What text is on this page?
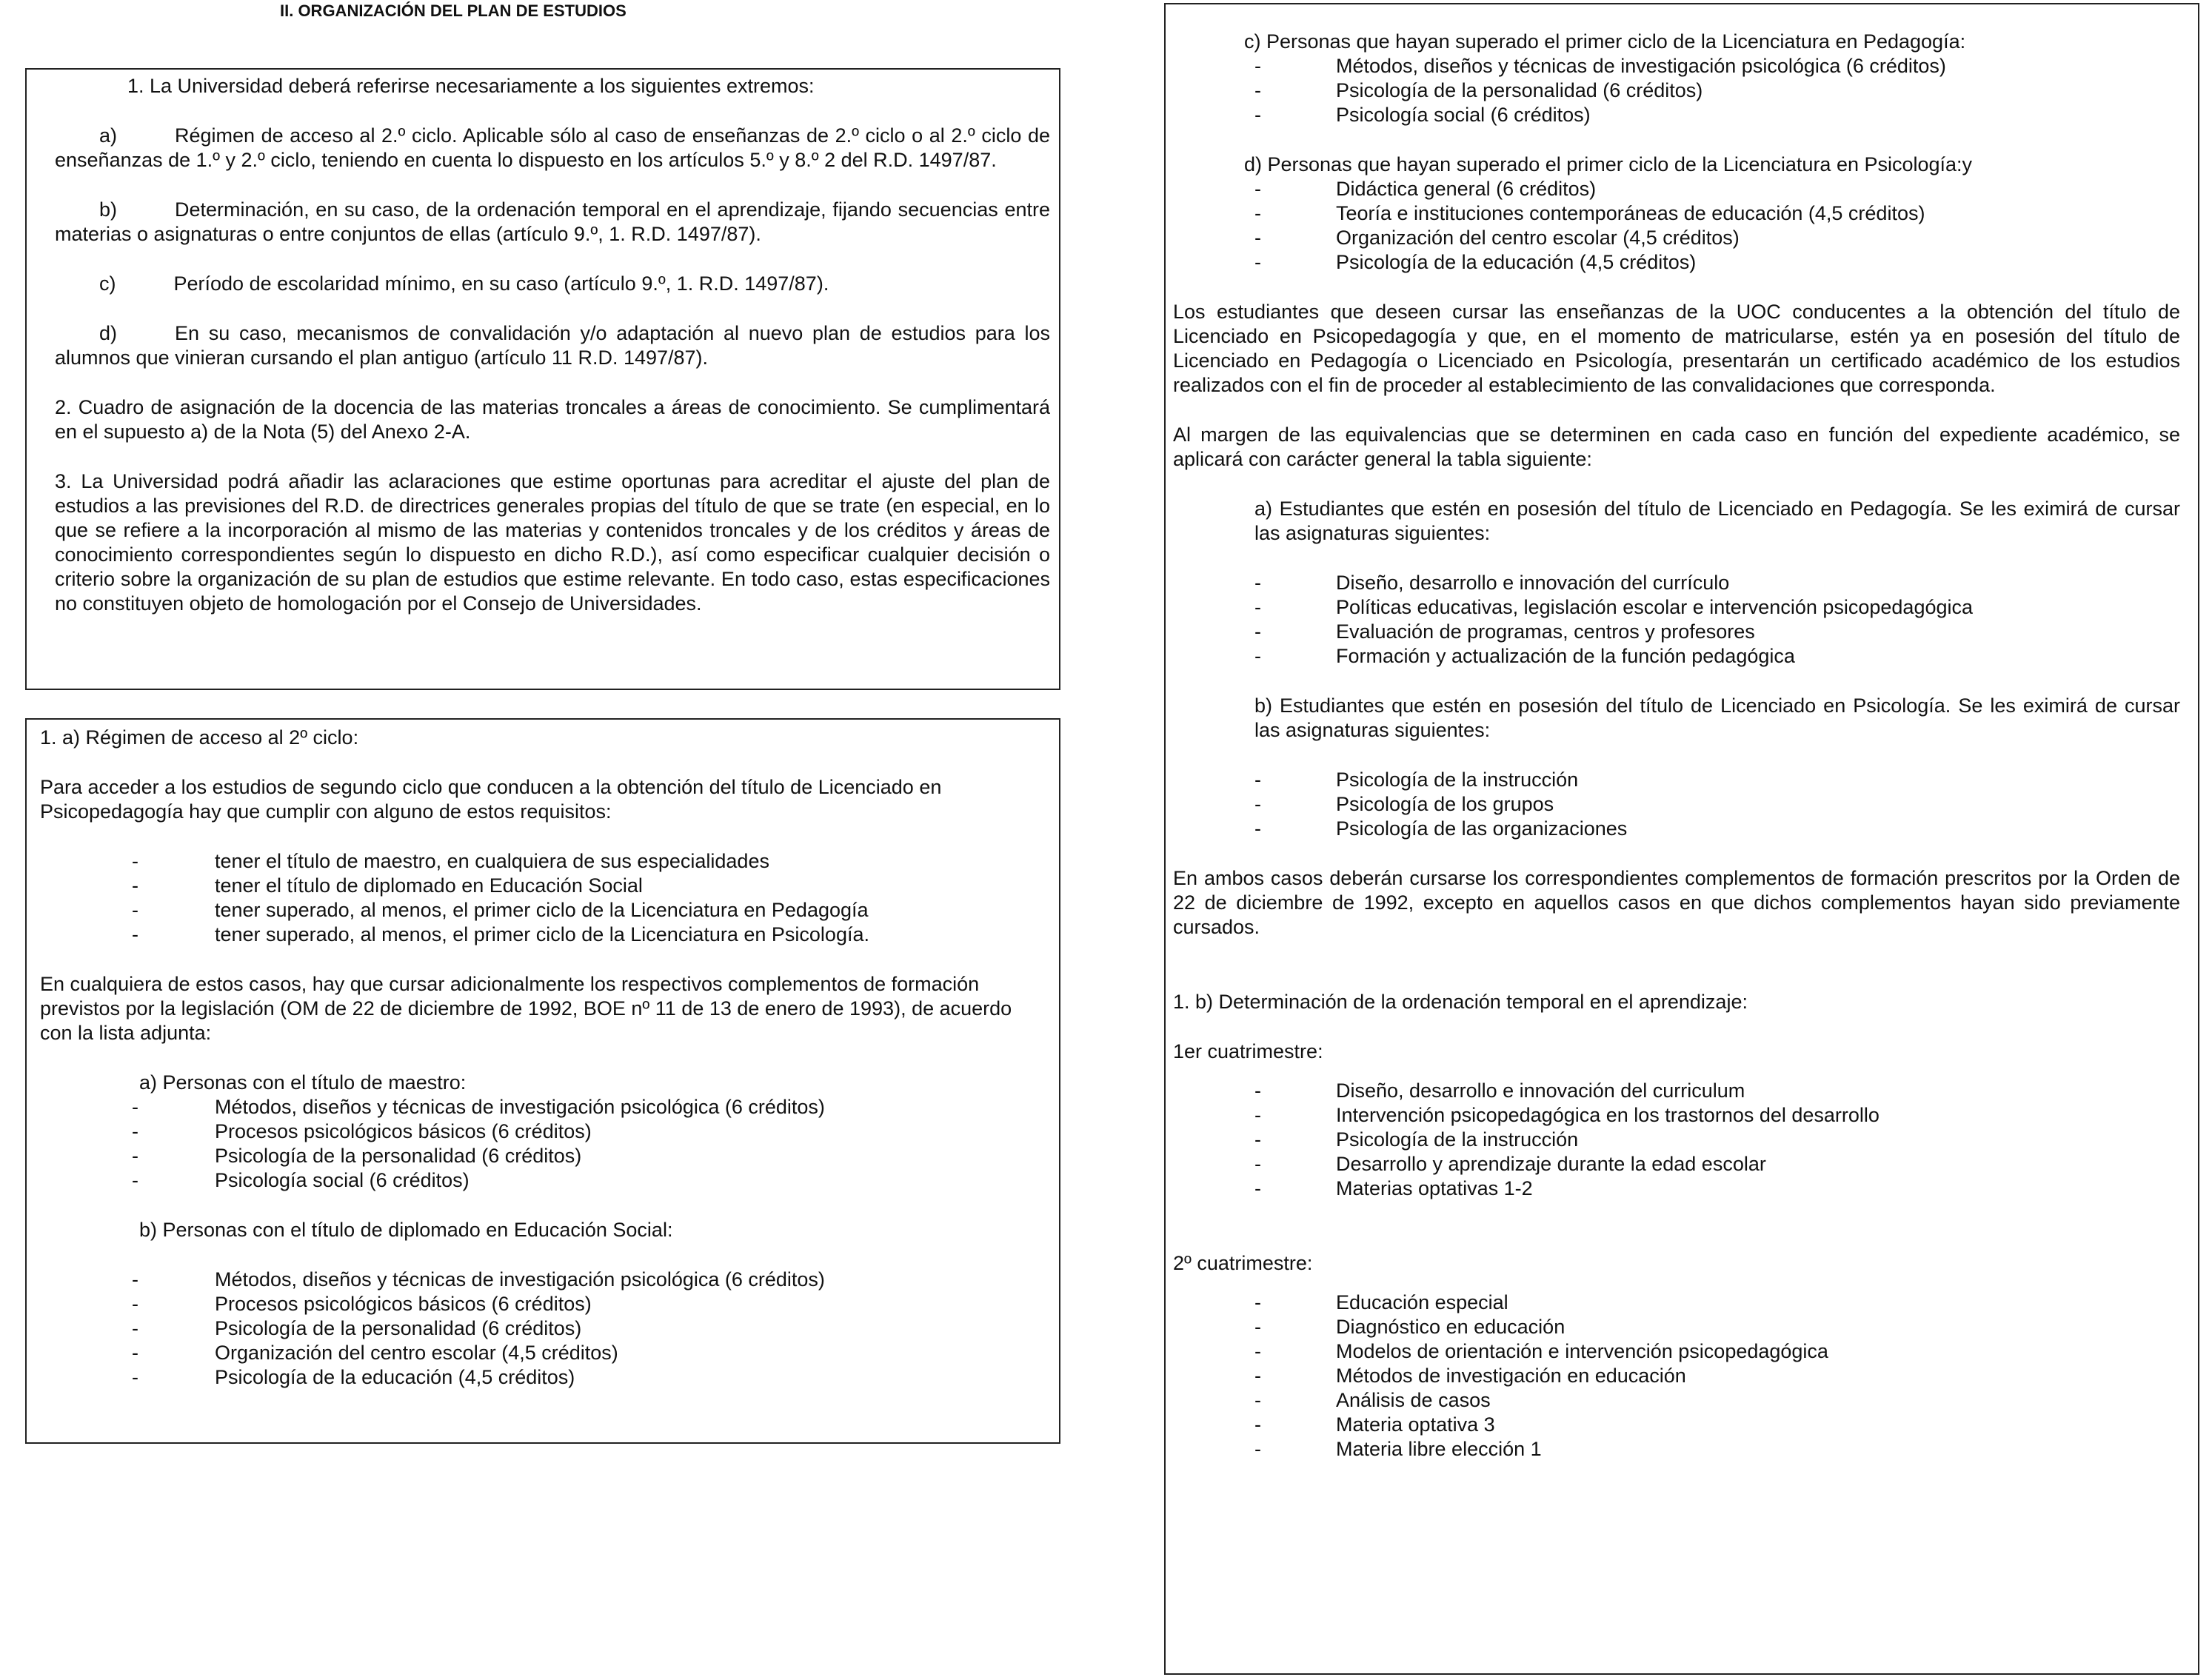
II. ORGANIZACIÓN DEL PLAN DE ESTUDIOS

1. La Universidad deberá referirse necesariamente a los siguientes extremos:

a)	Régimen de acceso al 2.º ciclo. Aplicable sólo al caso de enseñanzas de 2.º ciclo o al 2.º ciclo de enseñanzas de 1.º y 2.º ciclo, teniendo en cuenta lo dispuesto en los artículos 5.º y 8.º 2 del R.D. 1497/87.

b)	Determinación, en su caso, de la ordenación temporal en el aprendizaje, fijando secuencias entre materias o asignaturas o entre conjuntos de ellas (artículo 9.º, 1. R.D. 1497/87).

c)	Período de escolaridad mínimo, en su caso (artículo 9.º, 1. R.D. 1497/87).

d)	En su caso, mecanismos de convalidación y/o adaptación al nuevo plan de estudios para los alumnos que vinieran cursando el plan antiguo (artículo 11 R.D. 1497/87).

2. Cuadro de asignación de la docencia de las materias troncales a áreas de conocimiento. Se cumplimentará en el supuesto a) de la Nota (5) del Anexo 2-A.

3. La Universidad podrá añadir las aclaraciones que estime oportunas para acreditar el ajuste del plan de estudios a las previsiones del R.D. de directrices generales propias del título de que se trate (en especial, en lo que se refiere a la incorporación al mismo de las materias y contenidos troncales y de los créditos y áreas de conocimiento correspondientes según lo dispuesto en dicho R.D.), así como especificar cualquier decisión o criterio sobre la organización de su plan de estudios que estime relevante. En todo caso, estas especificaciones no constituyen objeto de homologación por el Consejo de Universidades.

1. a) Régimen de acceso al 2º ciclo:

Para acceder a los estudios de segundo ciclo que conducen a la obtención del título de Licenciado en Psicopedagogía hay que cumplir con alguno de estos requisitos:

-	tener el título de maestro, en cualquiera de sus especialidades
-	tener el título de diplomado en Educación Social
-	tener superado, al menos, el primer ciclo de la Licenciatura en Pedagogía
-	tener superado, al menos, el primer ciclo de la Licenciatura en Psicología.

En cualquiera de estos casos, hay que cursar adicionalmente los respectivos complementos de formación previstos por la legislación (OM de 22 de diciembre de 1992, BOE nº 11 de 13 de enero de 1993), de acuerdo con la lista adjunta:

a) Personas con el título de maestro:

-	Métodos, diseños y técnicas de investigación psicológica (6 créditos)
-	Procesos psicológicos básicos (6 créditos)
-	Psicología de la personalidad (6 créditos)
-	Psicología social (6 créditos)

b) Personas con el título de diplomado en Educación Social:

-	Métodos, diseños y técnicas de investigación psicológica (6 créditos)
-	Procesos psicológicos básicos (6 créditos)
-	Psicología de la personalidad (6 créditos)
-	Organización del centro escolar (4,5 créditos)
-	Psicología de la educación (4,5 créditos)

c) Personas que hayan superado el primer ciclo de la Licenciatura en Pedagogía:

-	Métodos, diseños y técnicas de investigación psicológica (6 créditos)
-	Psicología de la personalidad (6 créditos)
-	Psicología social (6 créditos)

d) Personas que hayan superado el primer ciclo de la Licenciatura en Psicología:y

-	Didáctica general (6 créditos)
-	Teoría e instituciones contemporáneas de educación (4,5 créditos)
-	Organización del centro escolar (4,5 créditos)
-	Psicología de la educación (4,5 créditos)

Los estudiantes que deseen cursar las enseñanzas de la UOC conducentes a la obtención del título de Licenciado en Psicopedagogía y que, en el momento de matricularse, estén ya en posesión del título de Licenciado en Pedagogía o Licenciado en Psicología, presentarán un certificado académico de los estudios realizados con el fin de proceder al establecimiento de las convalidaciones que corresponda.

Al margen de las equivalencias que se determinen en cada caso en función del expediente académico, se aplicará con carácter general la tabla siguiente:

a) Estudiantes que estén en posesión del título de Licenciado en Pedagogía. Se les eximirá de cursar las asignaturas siguientes:

-	Diseño, desarrollo e innovación del currículo
-	Políticas educativas, legislación escolar e intervención psicopedagógica
-	Evaluación de programas, centros y profesores
-	Formación y actualización de la función pedagógica

b) Estudiantes que estén en posesión del título de Licenciado en Psicología. Se les eximirá de cursar las asignaturas siguientes:

-	Psicología de la instrucción
-	Psicología de los grupos
-	Psicología de las organizaciones

En ambos casos deberán cursarse los correspondientes complementos de formación prescritos por la Orden de 22 de diciembre de 1992, excepto en aquellos casos en que dichos complementos hayan sido previamente cursados.

1. b) Determinación de la ordenación temporal en el aprendizaje:

1er cuatrimestre:

-	Diseño, desarrollo e innovación del curriculum
-	Intervención psicopedagógica en los trastornos del desarrollo
-	Psicología de la instrucción
-	Desarrollo y aprendizaje durante la edad escolar
-	Materias optativas 1-2

2º cuatrimestre:

-	Educación especial
-	Diagnóstico en educación
-	Modelos de orientación e intervención psicopedagógica
-	Métodos de investigación en educación
-	Análisis de casos
-	Materia optativa 3
-	Materia libre elección 1
